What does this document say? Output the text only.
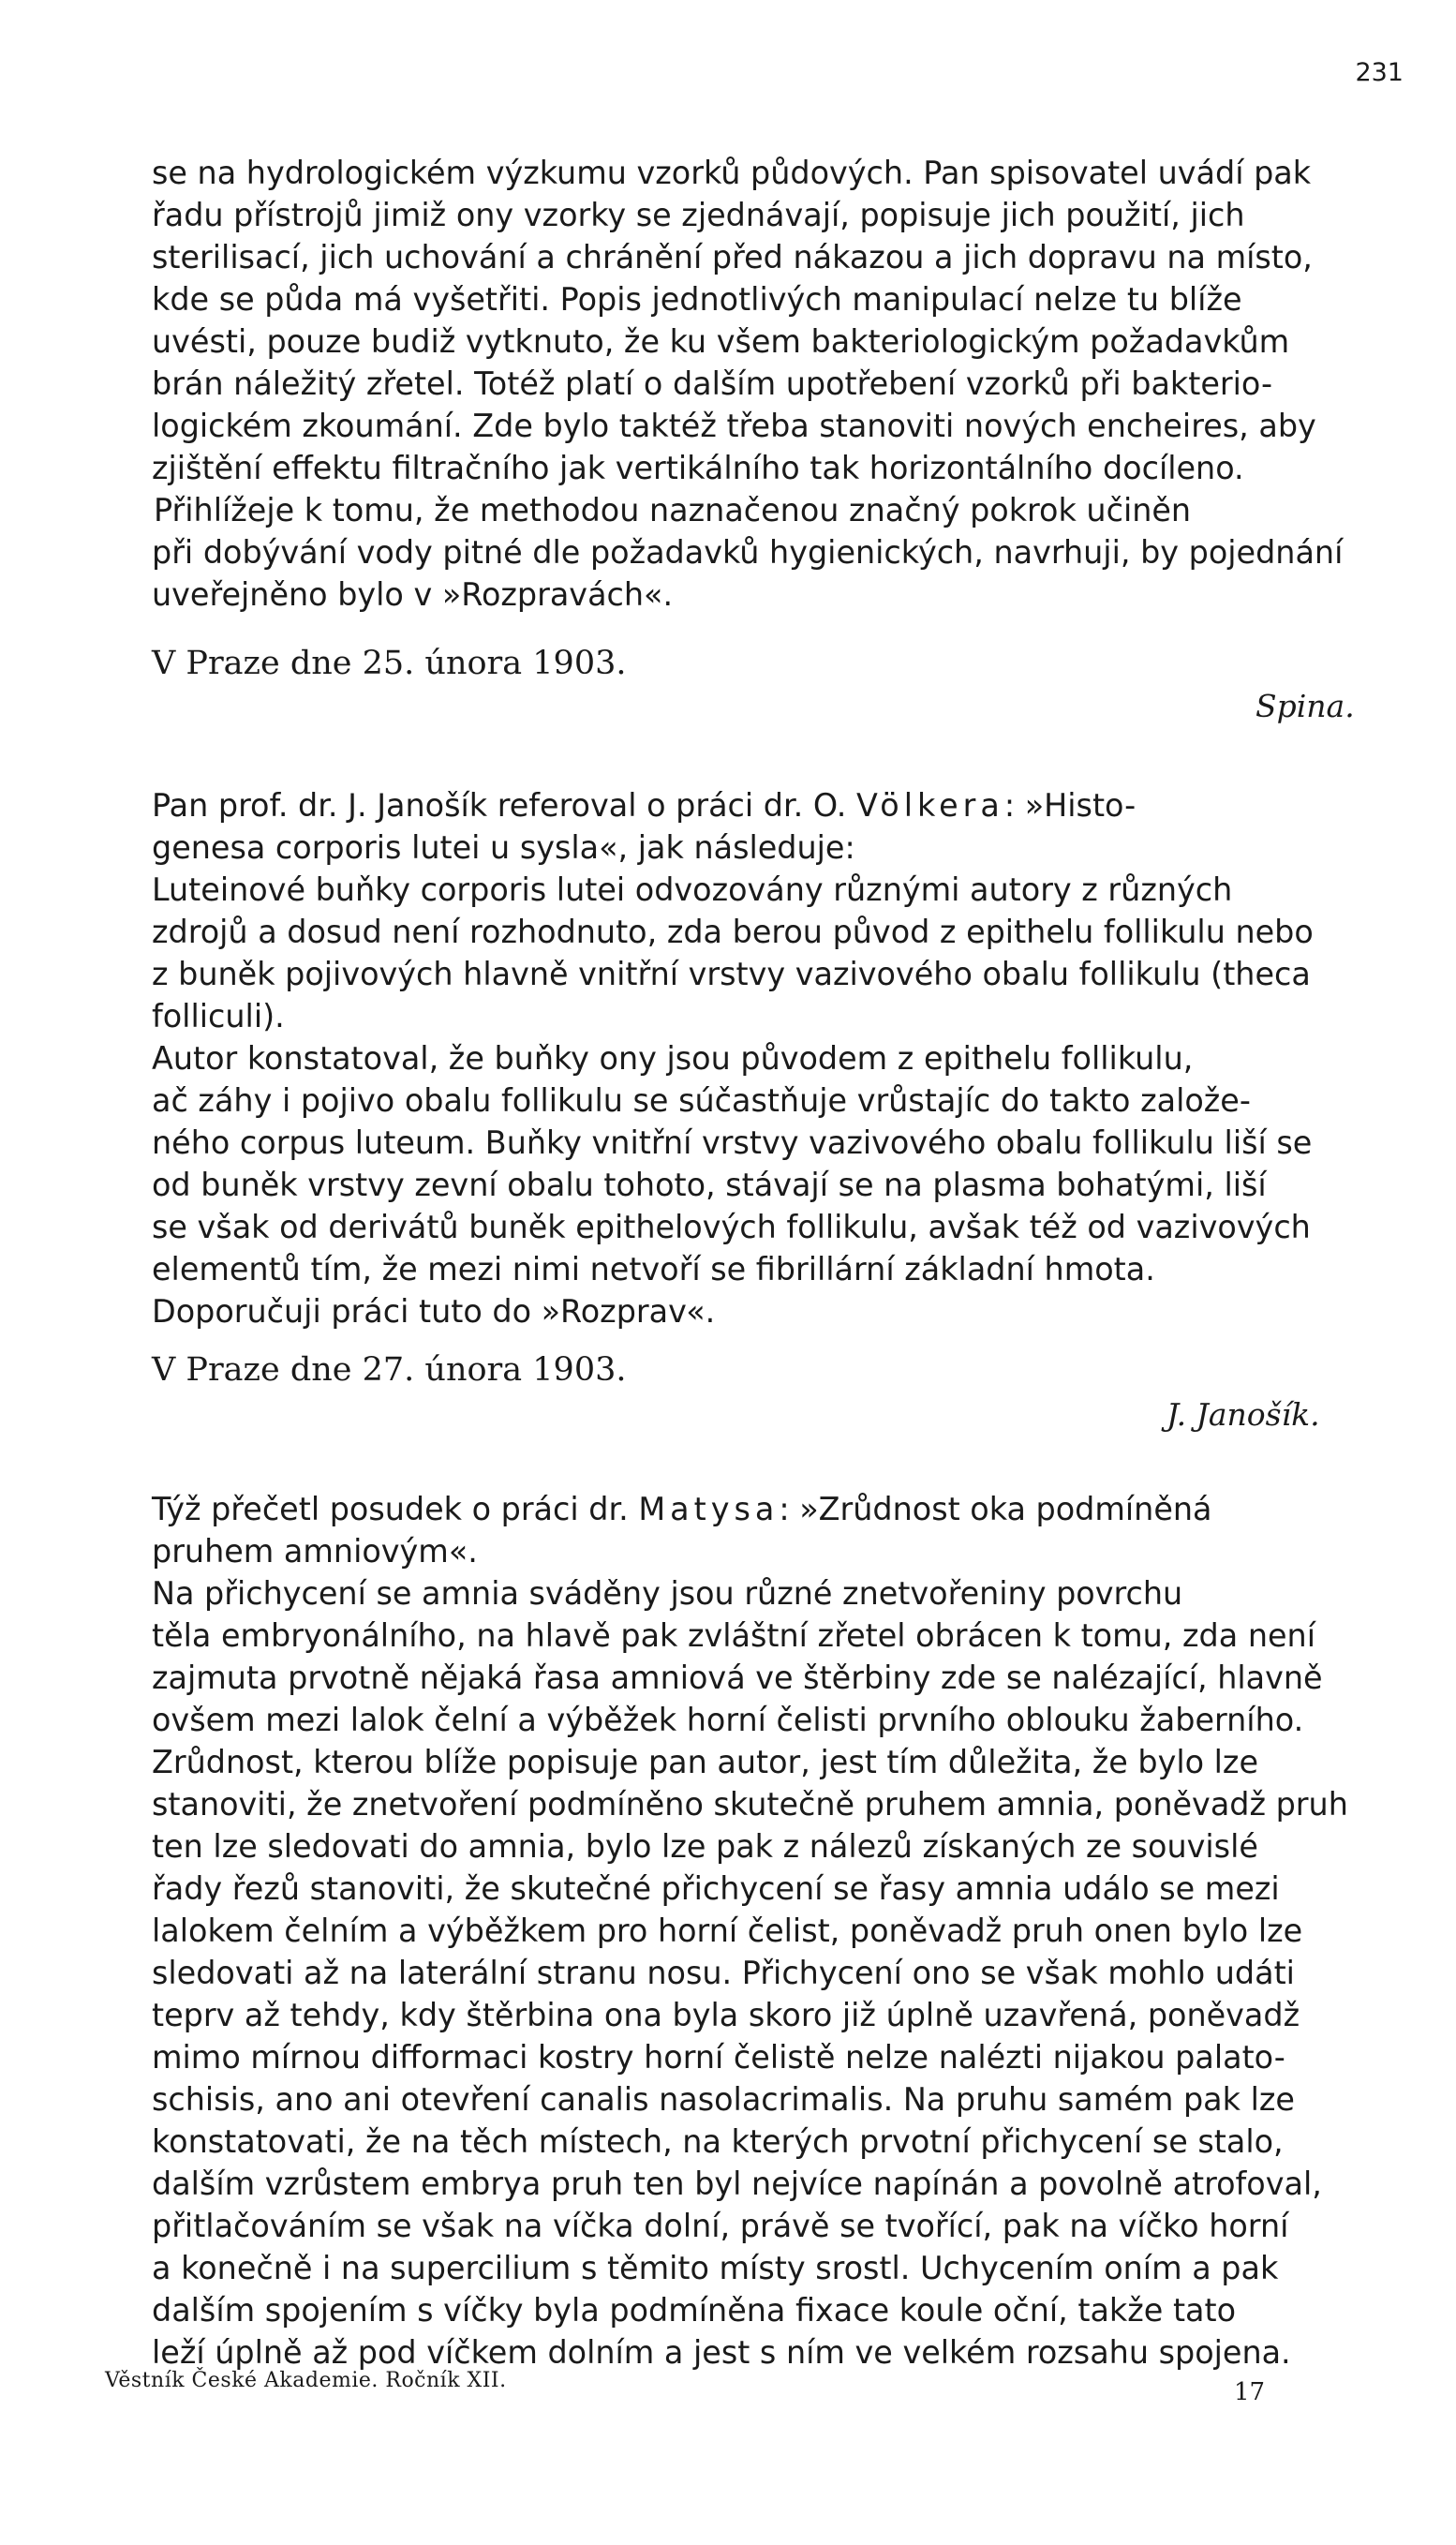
231

se na hydrologickém výzkumu vzorků půdových. Pan spisovatel uvádí pak

řadu přístrojů jimiž ony vzorky se zjednávají, popisuje jich použití, jich

sterilisací, jich uchování a chránění před nákazou a jich dopravu na místo,

kde se půda má vyšetřiti. Popis jednotlivých manipulací nelze tu blíže

uvésti, pouze budiž vytknuto, že ku všem bakteriologickým požadavkům

brán náležitý zřetel. Totéž platí o dalším upotřebení vzorků při bakterio-

logickém zkoumání. Zde bylo taktéž třeba stanoviti nových encheires, aby

zjištění effektu filtračního jak vertikálního tak horizontálního docíleno.

Přihlížeje k tomu, že methodou naznačenou značný pokrok učiněn

při dobývání vody pitné dle požadavků hygienických, navrhuji, by pojednání

uveřejněno bylo v »Rozpravách«.

V Praze dne 25. února 1903.
Spina.

Pan prof. dr. J. Janošík referoval o práci dr. O. Völkera: »Histo-

genesa corporis lutei u sysla«, jak následuje:

Luteinové buňky corporis lutei odvozovány různými autory z různých

zdrojů a dosud není rozhodnuto, zda berou původ z epithelu follikulu nebo

z buněk pojivových hlavně vnitřní vrstvy vazivového obalu follikulu (theca

folliculi).

Autor konstatoval, že buňky ony jsou původem z epithelu follikulu,

ač záhy i pojivo obalu follikulu se súčastňuje vrůstajíc do takto založe-

ného corpus luteum. Buňky vnitřní vrstvy vazivového obalu follikulu liší se

od buněk vrstvy zevní obalu tohoto, stávají se na plasma bohatými, liší

se však od derivátů buněk epithelových follikulu, avšak též od vazivových

elementů tím, že mezi nimi netvoří se fibrillární základní hmota.

Doporučuji práci tuto do »Rozprav«.

V Praze dne 27. února 1903.
J. Janošík.

Týž přečetl posudek o práci dr. Matysa: »Zrůdnost oka podmíněná

pruhem amniovým«.

Na přichycení se amnia sváděny jsou různé znetvořeniny povrchu

těla embryonálního, na hlavě pak zvláštní zřetel obrácen k tomu, zda není

zajmuta prvotně nějaká řasa amniová ve štěrbiny zde se nalézající, hlavně

ovšem mezi lalok čelní a výběžek horní čelisti prvního oblouku žaberního.

Zrůdnost, kterou blíže popisuje pan autor, jest tím důležita, že bylo lze

stanoviti, že znetvoření podmíněno skutečně pruhem amnia, poněvadž pruh

ten lze sledovati do amnia, bylo lze pak z nálezů získaných ze souvislé

řady řezů stanoviti, že skutečné přichycení se řasy amnia událo se mezi

lalokem čelním a výběžkem pro horní čelist, poněvadž pruh onen bylo lze

sledovati až na laterální stranu nosu. Přichycení ono se však mohlo udáti

teprv až tehdy, kdy štěrbina ona byla skoro již úplně uzavřená, poněvadž

mimo mírnou difformaci kostry horní čelistě nelze nalézti nijakou palato-

schisis, ano ani otevření canalis nasolacrimalis. Na pruhu samém pak lze

konstatovati, že na těch místech, na kterých prvotní přichycení se stalo,

dalším vzrůstem embrya pruh ten byl nejvíce napínán a povolně atrofoval,

přitlačováním se však na víčka dolní, právě se tvořící, pak na víčko horní

a konečně i na supercilium s těmito místy srostl. Uchycením oním a pak

dalším spojením s víčky byla podmíněna fixace koule oční, takže tato

leží úplně až pod víčkem dolním a jest s ním ve velkém rozsahu spojena.

Věstník České Akademie. Ročník XII.	17
